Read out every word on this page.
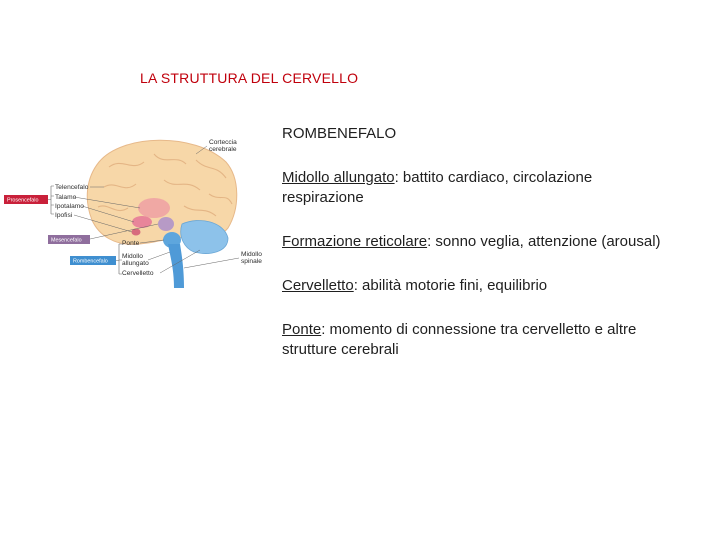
LA STRUTTURA DEL CERVELLO
Prosencefalo
Mesencefalo
Rombencefalo
Corteccia
cerebrale
Midollo
spinale
Telencefalo
Talamo
Ipotalamo
Ipofisi
Ponte
Midollo
allungato
Cervelletto

ROMBENEFALO

Midollo allungato: battito cardiaco, circolazione respirazione

Formazione reticolare: sonno veglia, attenzione (arousal)

Cervelletto: abilità motorie fini, equilibrio

Ponte: momento di connessione tra cervelletto e altre strutture cerebrali
